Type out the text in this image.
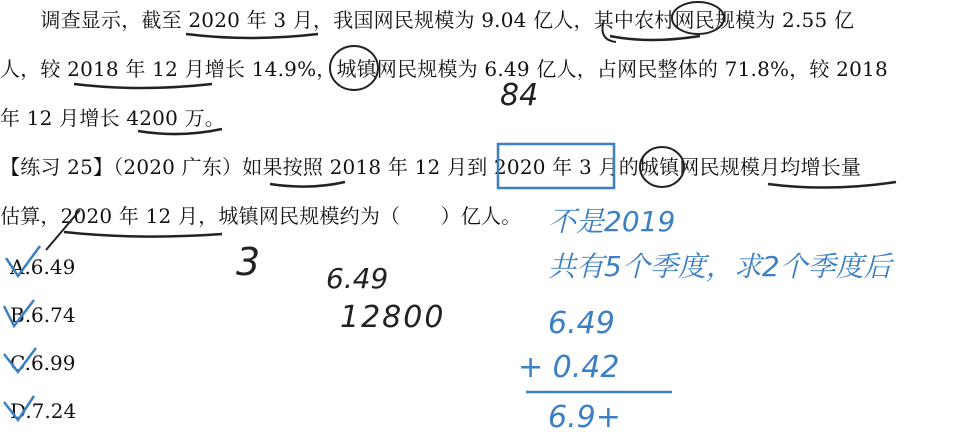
　　调查显示，截至 2020 年 3 月，我国网民规模为 9.04 亿人，其中农村网民规模为 2.55 亿
人，较 2018 年 12 月增长 14.9%，城镇网民规模为 6.49 亿人，占网民整体的 71.8%，较 2018
年 12 月增长 4200 万。
【练习 25】（2020 广东）如果按照 2018 年 12 月到 2020 年 3 月的城镇网民规模月均增长量
估算，2020 年 12 月，城镇网民规模约为（　　）亿人。
A.6.49
B.6.74
C.6.99
D.7.24
84
3 6.49
12800
不是2019
共有5个季度，求2个季度后
6.49
+ 0.42
6.9+
